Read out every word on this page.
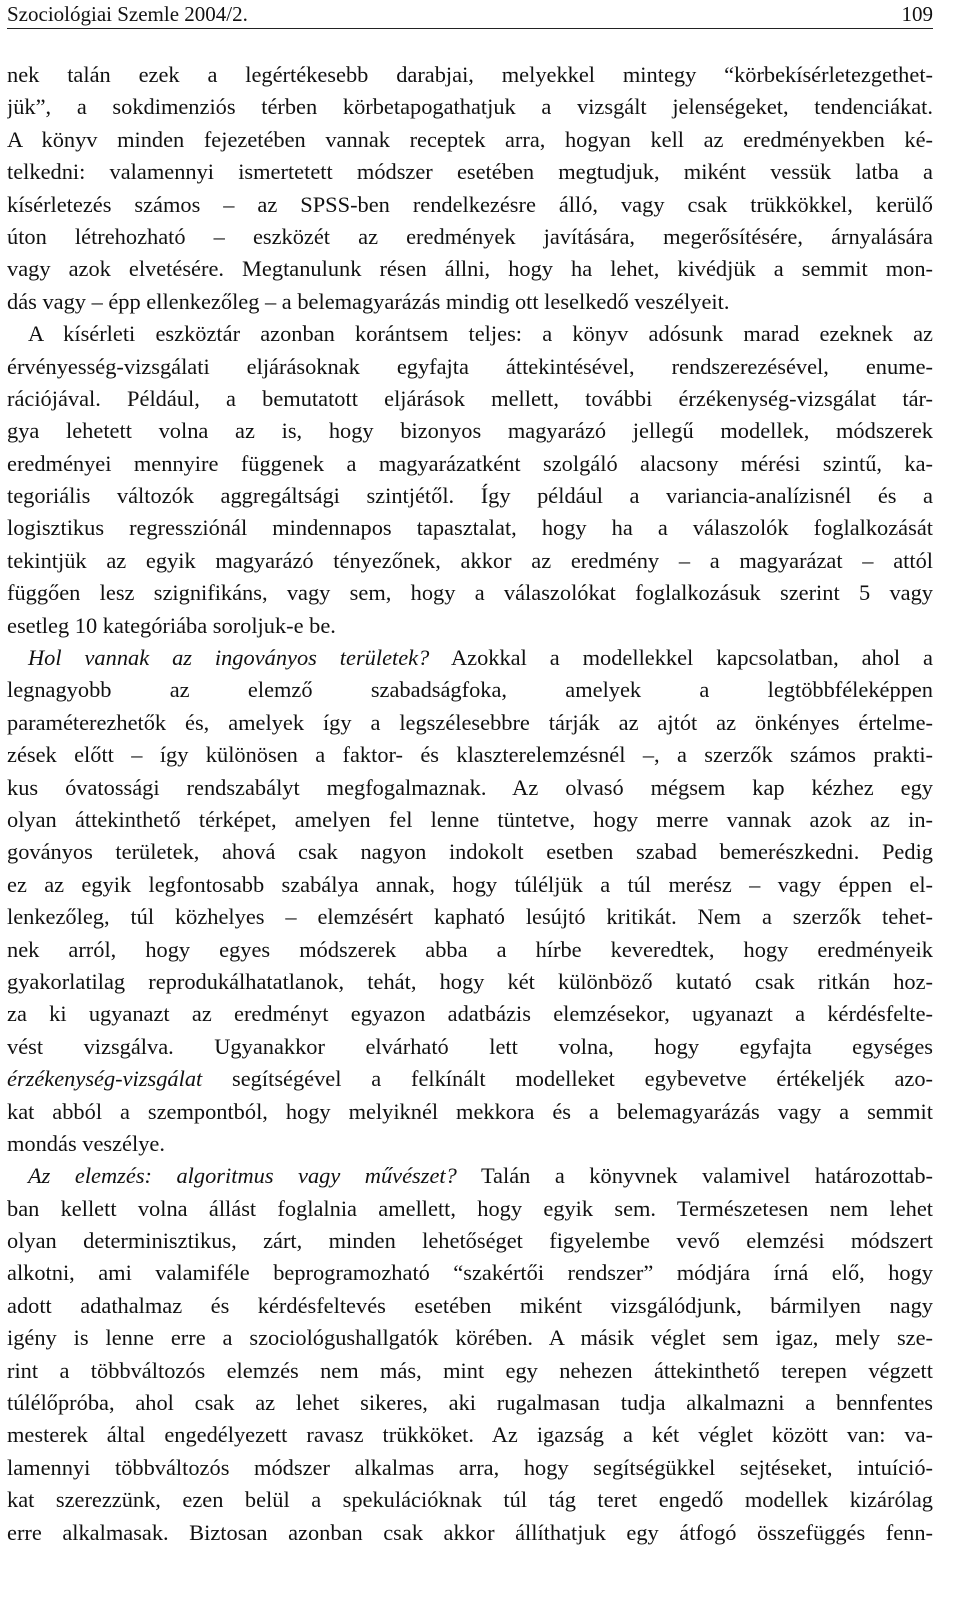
Szociológiai Szemle 2004/2.	109
nek talán ezek a legértékesebb darabjai, melyekkel mintegy “körbekísérletezgethet-
jük”, a sokdimenziós térben körbetapogathatjuk a vizsgált jelenségeket, tendenciákat.
A könyv minden fejezetében vannak receptek arra, hogyan kell az eredményekben ké-
telkedni: valamennyi ismertetett módszer esetében megtudjuk, miként vessük latba a
kísérletezés számos – az SPSS-ben rendelkezésre álló, vagy csak trükkökkel, kerülő
úton létrehozható – eszközét az eredmények javítására, megerősítésére, árnyalására
vagy azok elvetésére. Megtanulunk résen állni, hogy ha lehet, kivédjük a semmit mon-
dás vagy – épp ellenkezőleg – a belemagyarázás mindig ott leselkedő veszélyeit.
A kísérleti eszköztár azonban korántsem teljes: a könyv adósunk marad ezeknek az
érvényesség-vizsgálati eljárásoknak egyfajta áttekintésével, rendszerezésével, enume-
rációjával. Például, a bemutatott eljárások mellett, további érzékenység-vizsgálat tár-
gya lehetett volna az is, hogy bizonyos magyarázó jellegű modellek, módszerek
eredményei mennyire függenek a magyarázatként szolgáló alacsony mérési szintű, ka-
tegoriális változók aggregáltsági szintjétől. Így például a variancia-analízisnél és a
logisztikus regressziónál mindennapos tapasztalat, hogy ha a válaszolók foglalkozását
tekintjük az egyik magyarázó tényezőnek, akkor az eredmény – a magyarázat – attól
függően lesz szignifikáns, vagy sem, hogy a válaszolókat foglalkozásuk szerint 5 vagy
esetleg 10 kategóriába soroljuk-e be.
Hol vannak az ingoványos területek? Azokkal a modellekkel kapcsolatban, ahol a
legnagyobb az elemző szabadságfoka, amelyek a legtöbbféleképpen
paraméterezhetők és, amelyek így a legszélesebbre tárják az ajtót az önkényes értelme-
zések előtt – így különösen a faktor- és klaszterelemzésnél –, a szerzők számos prakti-
kus óvatossági rendszabályt megfogalmaznak. Az olvasó mégsem kap kézhez egy
olyan áttekinthető térképet, amelyen fel lenne tüntetve, hogy merre vannak azok az in-
goványos területek, ahová csak nagyon indokolt esetben szabad bemerészkedni. Pedig
ez az egyik legfontosabb szabálya annak, hogy túléljük a túl merész – vagy éppen el-
lenkezőleg, túl közhelyes – elemzésért kapható lesújtó kritikát. Nem a szerzők tehet-
nek arról, hogy egyes módszerek abba a hírbe keveredtek, hogy eredményeik
gyakorlatilag reprodukálhatatlanok, tehát, hogy két különböző kutató csak ritkán hoz-
za ki ugyanazt az eredményt egyazon adatbázis elemzésekor, ugyanazt a kérdésfelte-
vést vizsgálva. Ugyanakkor elvárható lett volna, hogy egyfajta egységes
érzékenység-vizsgálat segítségével a felkínált modelleket egybevetve értékeljék azo-
kat abból a szempontból, hogy melyiknél mekkora és a belemagyarázás vagy a semmit
mondás veszélye.
Az elemzés: algoritmus vagy művészet? Talán a könyvnek valamivel határozottab-
ban kellett volna állást foglalnia amellett, hogy egyik sem. Természetesen nem lehet
olyan determinisztikus, zárt, minden lehetőséget figyelembe vevő elemzési módszert
alkotni, ami valamiféle beprogramozható “szakértői rendszer” módjára írná elő, hogy
adott adathalmaz és kérdésfeltevés esetében miként vizsgálódjunk, bármilyen nagy
igény is lenne erre a szociológushallgatók körében. A másik véglet sem igaz, mely sze-
rint a többváltozós elemzés nem más, mint egy nehezen áttekinthető terepen végzett
túlélőpróba, ahol csak az lehet sikeres, aki rugalmasan tudja alkalmazni a bennfentes
mesterek által engedélyezett ravasz trükköket. Az igazság a két véglet között van: va-
lamennyi többváltozós módszer alkalmas arra, hogy segítségükkel sejtéseket, intuíció-
kat szerezzünk, ezen belül a spekulációknak túl tág teret engedő modellek kizárólag
erre alkalmasak. Biztosan azonban csak akkor állíthatjuk egy átfogó összefüggés fenn-
